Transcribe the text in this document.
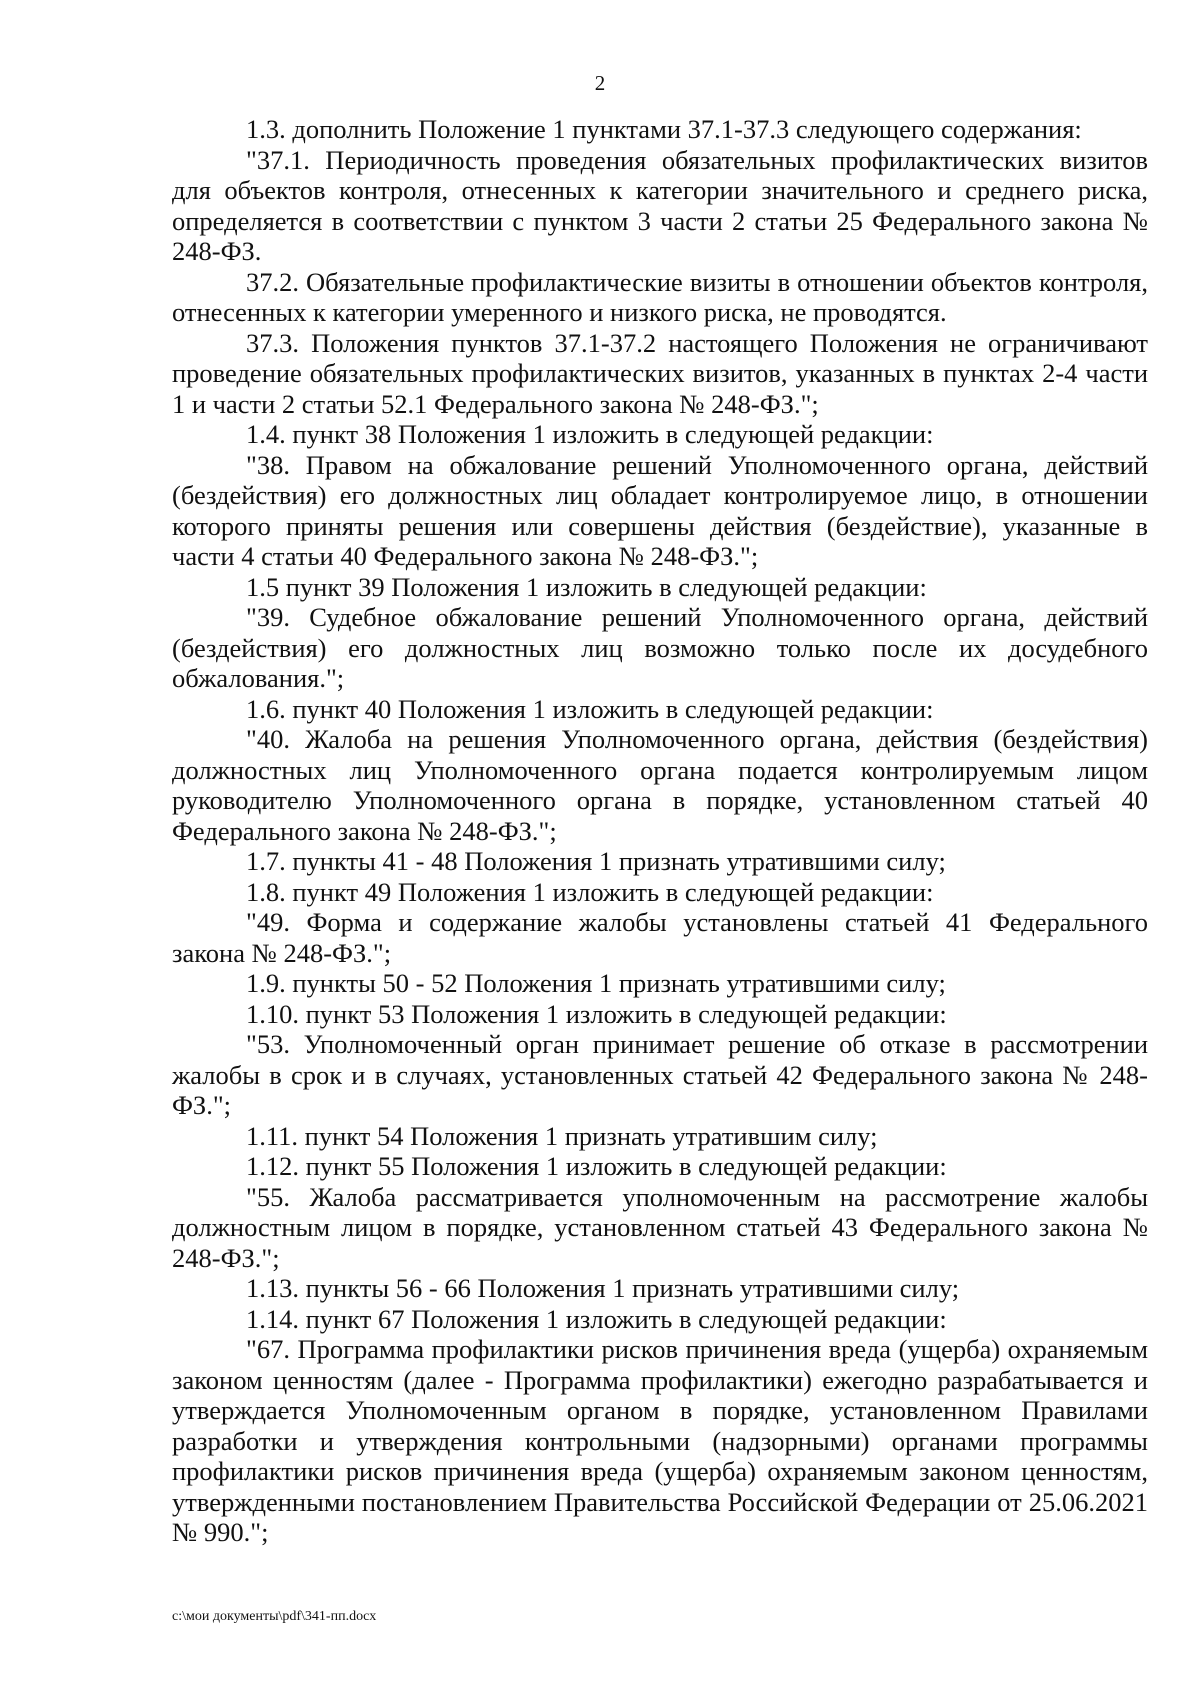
2

1.3. дополнить Положение 1 пунктами 37.1-37.3 следующего содержания:

"37.1. Периодичность проведения обязательных профилактических визитов для объектов контроля, отнесенных к категории значительного и среднего риска, определяется в соответствии с пунктом 3 части 2 статьи 25 Федерального закона № 248-ФЗ.

37.2. Обязательные профилактические визиты в отношении объектов контроля, отнесенных к категории умеренного и низкого риска, не проводятся.

37.3. Положения пунктов 37.1-37.2 настоящего Положения не ограничивают проведение обязательных профилактических визитов, указанных в пунктах 2-4 части 1 и части 2 статьи 52.1 Федерального закона № 248-ФЗ.";

1.4. пункт 38 Положения 1 изложить в следующей редакции:

"38. Правом на обжалование решений Уполномоченного органа, действий (бездействия) его должностных лиц обладает контролируемое лицо, в отношении которого приняты решения или совершены действия (бездействие), указанные в части 4 статьи 40 Федерального закона № 248-ФЗ.";

1.5 пункт 39 Положения 1 изложить в следующей редакции:

"39. Судебное обжалование решений Уполномоченного органа, действий (бездействия) его должностных лиц возможно только после их досудебного обжалования.";

1.6. пункт 40 Положения 1 изложить в следующей редакции:

"40. Жалоба на решения Уполномоченного органа, действия (бездействия) должностных лиц Уполномоченного органа подается контролируемым лицом руководителю Уполномоченного органа в порядке, установленном статьей 40 Федерального закона № 248-ФЗ.";

1.7. пункты 41 - 48 Положения 1 признать утратившими силу;

1.8. пункт 49 Положения 1 изложить в следующей редакции:

"49. Форма и содержание жалобы установлены статьей 41 Федерального закона № 248-ФЗ.";

1.9. пункты 50 - 52 Положения 1 признать утратившими силу;

1.10. пункт 53 Положения 1 изложить в следующей редакции:

"53. Уполномоченный орган принимает решение об отказе в рассмотрении жалобы в срок и в случаях, установленных статьей 42 Федерального закона № 248-ФЗ.";

1.11. пункт 54 Положения 1 признать утратившим силу;

1.12. пункт 55 Положения 1 изложить в следующей редакции:

"55. Жалоба рассматривается уполномоченным на рассмотрение жалобы должностным лицом в порядке, установленном статьей 43 Федерального закона № 248-ФЗ.";

1.13. пункты 56 - 66 Положения 1 признать утратившими силу;

1.14. пункт 67 Положения 1 изложить в следующей редакции:

"67. Программа профилактики рисков причинения вреда (ущерба) охраняемым законом ценностям (далее - Программа профилактики) ежегодно разрабатывается и утверждается Уполномоченным органом в порядке, установленном Правилами разработки и утверждения контрольными (надзорными) органами программы профилактики рисков причинения вреда (ущерба) охраняемым законом ценностям, утвержденными постановлением Правительства Российской Федерации от 25.06.2021 № 990.";

c:\мои документы\pdf\341-пп.docx
